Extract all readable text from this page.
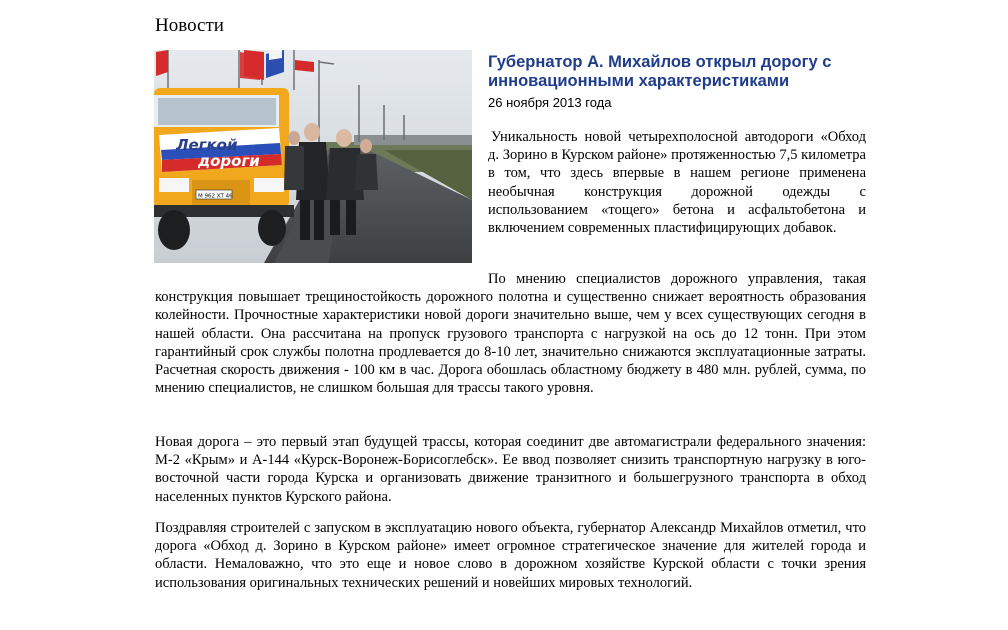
Новости
Легкой
дороги
М 962 ХТ 46
Губернатор А. Михайлов открыл дорогу с инновационными характеристиками
26 ноября 2013 года
Уникальность новой четырехполосной автодороги «Обход д. Зорино в Курском районе» протяженностью 7,5 километра в том, что здесь впервые в нашем регионе применена необычная конструкция дорожной одежды с использованием «тощего» бетона и асфальтобетона и включением современных пластифицирующих добавок.
По мнению специалистов дорожного управления, такая конструкция повышает трещиностойкость дорожного полотна и существенно снижает вероятность образования колейности. Прочностные характеристики новой дороги значительно выше, чем у всех существующих сегодня в нашей области. Она рассчитана на пропуск грузового транспорта с нагрузкой на ось до 12 тонн. При этом гарантийный срок службы полотна продлевается до 8-10 лет, значительно снижаются эксплуатационные затраты. Расчетная скорость движения - 100 км в час. Дорога обошлась областному бюджету в 480 млн. рублей, сумма, по мнению специалистов, не слишком большая для трассы такого уровня.
Новая дорога – это первый этап будущей трассы, которая соединит две автомагистрали федерального значения: М-2 «Крым» и А-144 «Курск-Воронеж-Борисоглебск». Ее ввод позволяет снизить транспортную нагрузку в юго-восточной части города Курска и организовать движение транзитного и большегрузного транспорта в обход населенных пунктов Курского района.
Поздравляя строителей с запуском в эксплуатацию нового объекта, губернатор Александр Михайлов отметил, что дорога «Обход д. Зорино в Курском районе» имеет огромное стратегическое значение для жителей города и области. Немаловажно, что это еще и новое слово в дорожном хозяйстве Курской области с точки зрения использования оригинальных технических решений и новейших мировых технологий.
